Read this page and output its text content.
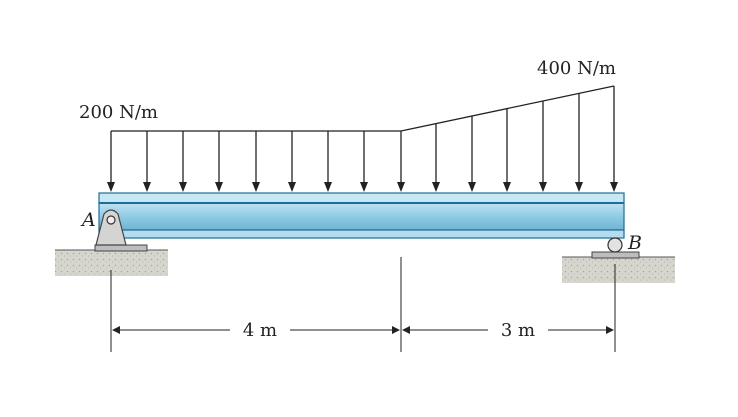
200 N/m
400 N/m
A
B
4 m	3 m
